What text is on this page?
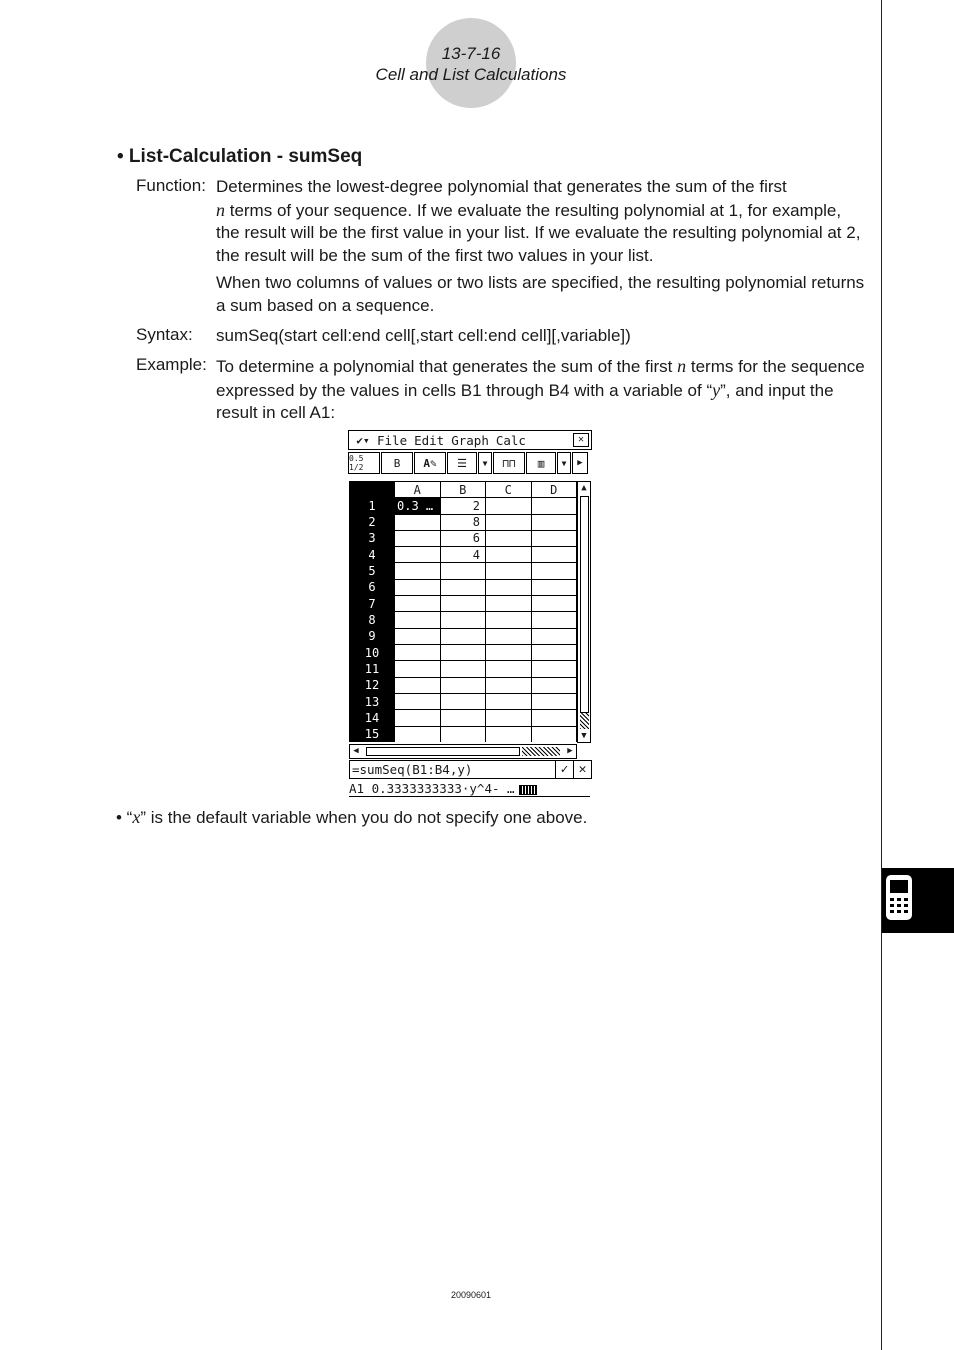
13-7-16
Cell and List Calculations
• List-Calculation - sumSeq
Function: Determines the lowest-degree polynomial that generates the sum of the first
n terms of your sequence. If we evaluate the resulting polynomial at 1, for example, the result will be the first value in your list. If we evaluate the resulting polynomial at 2, the result will be the sum of the first two values in your list.
When two columns of values or two lists are specified, the resulting polynomial returns a sum based on a sequence.
Syntax: sumSeq(start cell:end cell[,start cell:end cell][,variable])
Example: To determine a polynomial that generates the sum of the first n terms for the sequence expressed by the values in cells B1 through B4 with a variable of “y”, and input the result in cell A1:
✔▾ File Edit Graph Calc	✕
0.5 1/2	B	A✎	☰	▼	⊓⊓	▥	▼	▶
	A	B	C	D
1	0.3 …	2		
2		8		
3		6		
4		4		
5				
6				
7				
8				
9				
10				
11				
12				
13				
14				
15				
▲
▼
◀	▶
=sumSeq(B1:B4,y)	✓ ✕
A1 0.3333333333·y^4- …
• “x” is the default variable when you do not specify one above.
20090601
